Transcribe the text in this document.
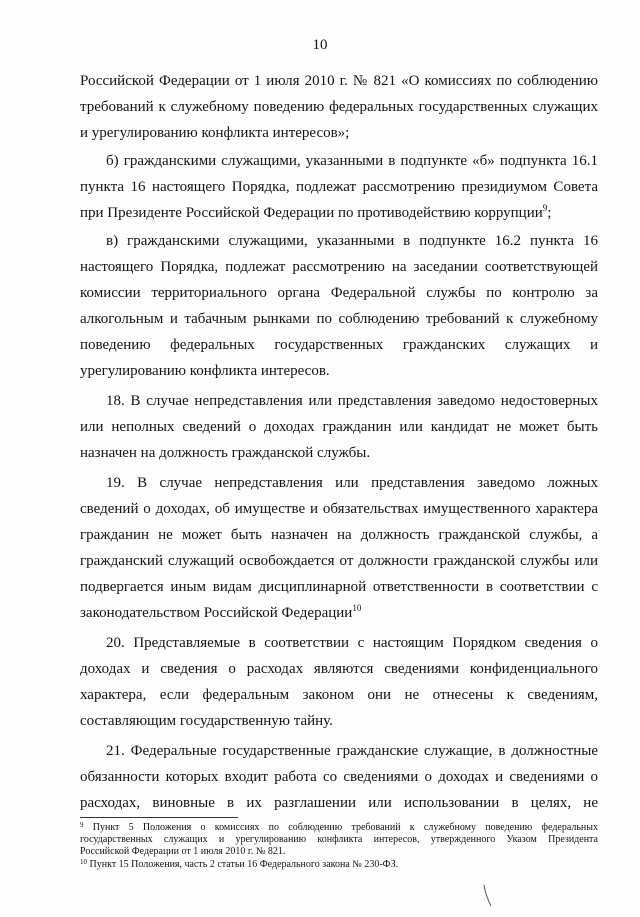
10
Российской Федерации от 1 июля 2010 г. № 821 «О комиссиях по соблюдению
требований к служебному поведению федеральных государственных служащих
и урегулированию конфликта интересов»;
б) гражданскими служащими, указанными в подпункте «б» подпункта 16.1
пункта 16 настоящего Порядка, подлежат рассмотрению президиумом Совета
при Президенте Российской Федерации по противодействию коррупции$^9$;
в) гражданскими служащими, указанными в подпункте 16.2 пункта 16
настоящего Порядка, подлежат рассмотрению на заседании соответствующей
комиссии территориального органа Федеральной службы по контролю за
алкогольным и табачным рынками по соблюдению требований к служебному
поведению федеральных государственных гражданских служащих и
урегулированию конфликта интересов.
18. В случае непредставления или представления заведомо недостоверных
или неполных сведений о доходах гражданин или кандидат не может быть
назначен на должность гражданской службы.
19. В случае непредставления или представления заведомо ложных
сведений о доходах, об имуществе и обязательствах имущественного характера
гражданин не может быть назначен на должность гражданской службы, а
гражданский служащий освобождается от должности гражданской службы или
подвергается иным видам дисциплинарной ответственности в соответствии с
законодательством Российской Федерации$^{10}$
20. Представляемые в соответствии с настоящим Порядком сведения о
доходах и сведения о расходах являются сведениями конфиденциального
характера, если федеральным законом они не отнесены к сведениям,
составляющим государственную тайну.
21. Федеральные государственные гражданские служащие, в должностные
обязанности которых входит работа со сведениями о доходах и сведениями о
расходах, виновные в их разглашении или использовании в целях, не
$^9$ Пункт 5 Положения о комиссиях по соблюдению требований к служебному поведению федеральных
государственных служащих и урегулированию конфликта интересов, утвержденного Указом Президента
Российской Федерации от 1 июля 2010 г. № 821.
$^{10}$ Пункт 15 Положения, часть 2 статьи 16 Федерального закона № 230-ФЗ.
